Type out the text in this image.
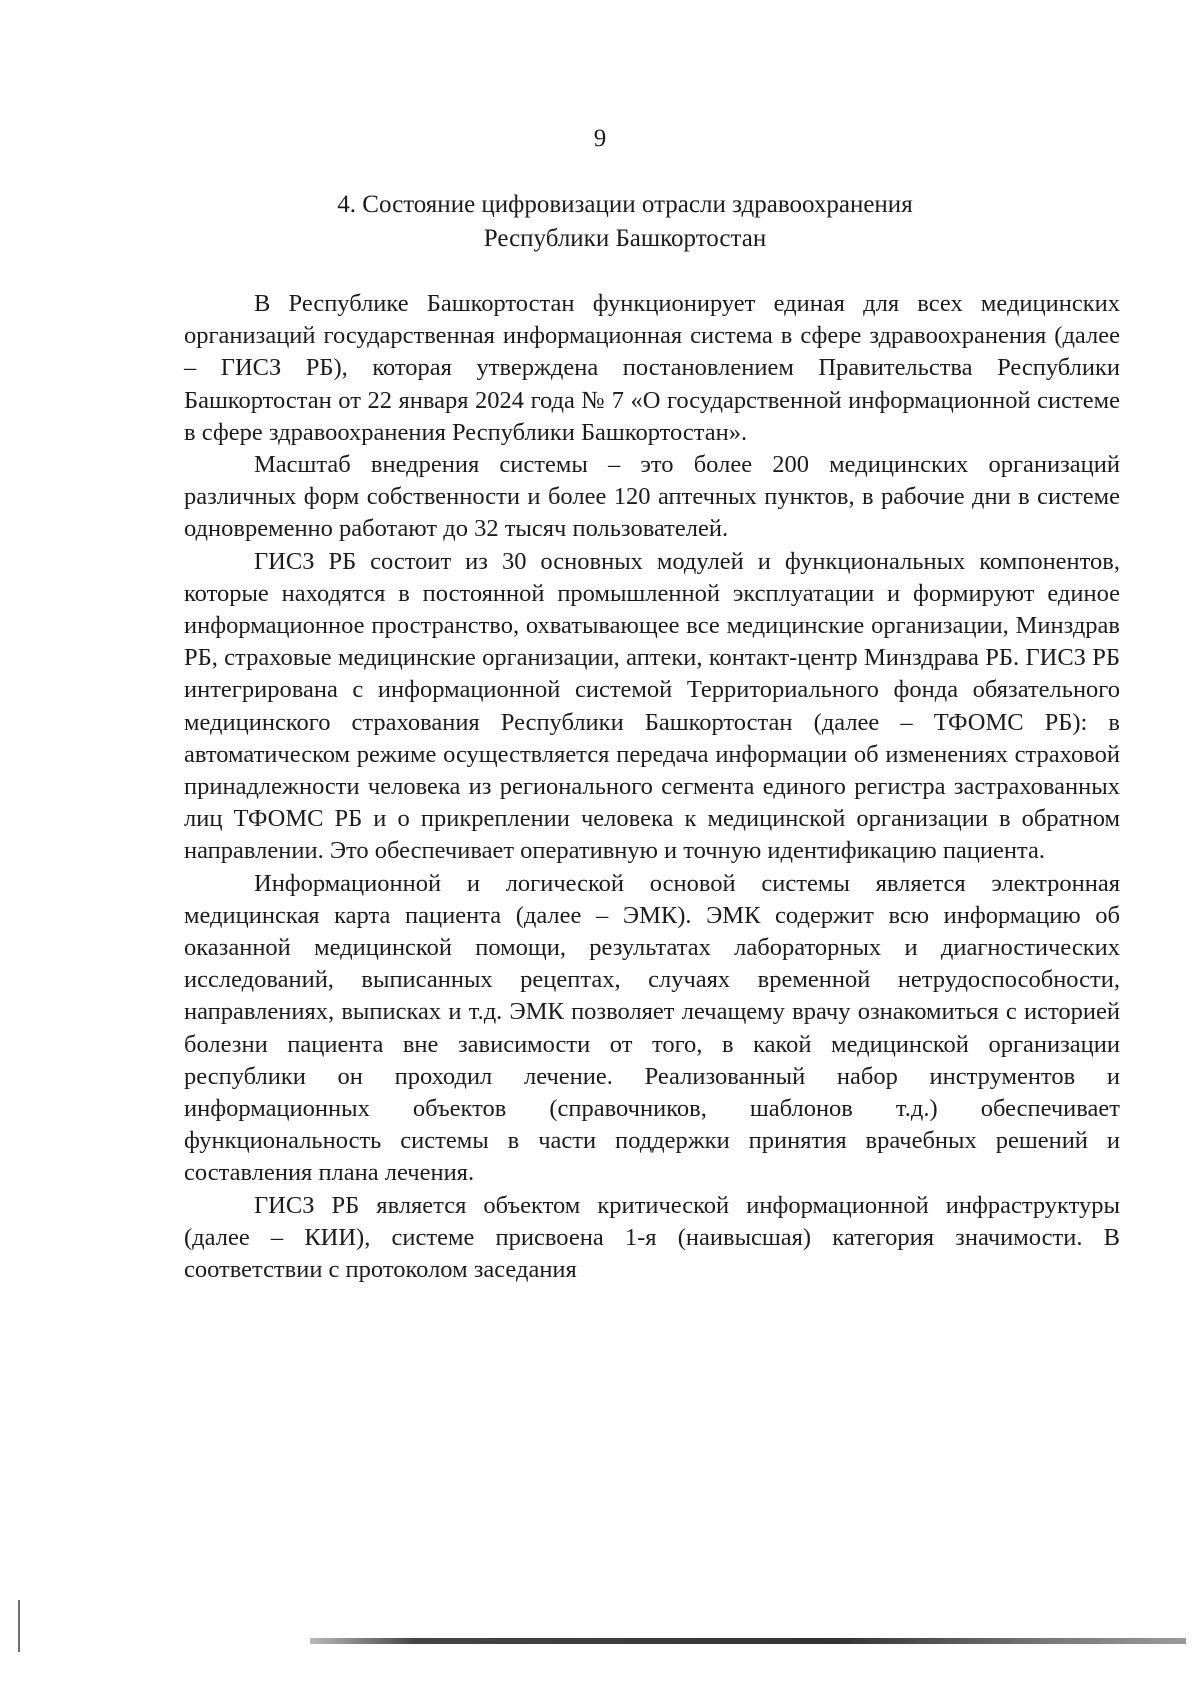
9
4. Состояние цифровизации отрасли здравоохранения
Республики Башкортостан

В Республике Башкортостан функционирует единая для всех медицинских организаций государственная информационная система в сфере здравоохранения (далее – ГИСЗ РБ), которая утверждена постановлением Правительства Республики Башкортостан от 22 января 2024 года № 7 «О государственной информационной системе в сфере здравоохранения Республики Башкортостан».

Масштаб внедрения системы – это более 200 медицинских организаций различных форм собственности и более 120 аптечных пунктов, в рабочие дни в системе одновременно работают до 32 тысяч пользователей.

ГИСЗ РБ состоит из 30 основных модулей и функциональных компонентов, которые находятся в постоянной промышленной эксплуатации и формируют единое информационное пространство, охватывающее все медицинские организации, Минздрав РБ, страховые медицинские организации, аптеки, контакт-центр Минздрава РБ. ГИСЗ РБ интегрирована с информационной системой Территориального фонда обязательного медицинского страхования Республики Башкортостан (далее – ТФОМС РБ): в автоматическом режиме осуществляется передача информации об изменениях страховой принадлежности человека из регионального сегмента единого регистра застрахованных лиц ТФОМС РБ и о прикреплении человека к медицинской организации в обратном направлении. Это обеспечивает оперативную и точную идентификацию пациента.

Информационной и логической основой системы является электронная медицинская карта пациента (далее – ЭМК). ЭМК содержит всю информацию об оказанной медицинской помощи, результатах лабораторных и диагностических исследований, выписанных рецептах, случаях временной нетрудоспособности, направлениях, выписках и т.д. ЭМК позволяет лечащему врачу ознакомиться с историей болезни пациента вне зависимости от того, в какой медицинской организации республики он проходил лечение. Реализованный набор инструментов и информационных объектов (справочников, шаблонов т.д.) обеспечивает функциональность системы в части поддержки принятия врачебных решений и составления плана лечения.

ГИСЗ РБ является объектом критической информационной инфраструктуры (далее – КИИ), системе присвоена 1-я (наивысшая) категория значимости. В соответствии с протоколом заседания
